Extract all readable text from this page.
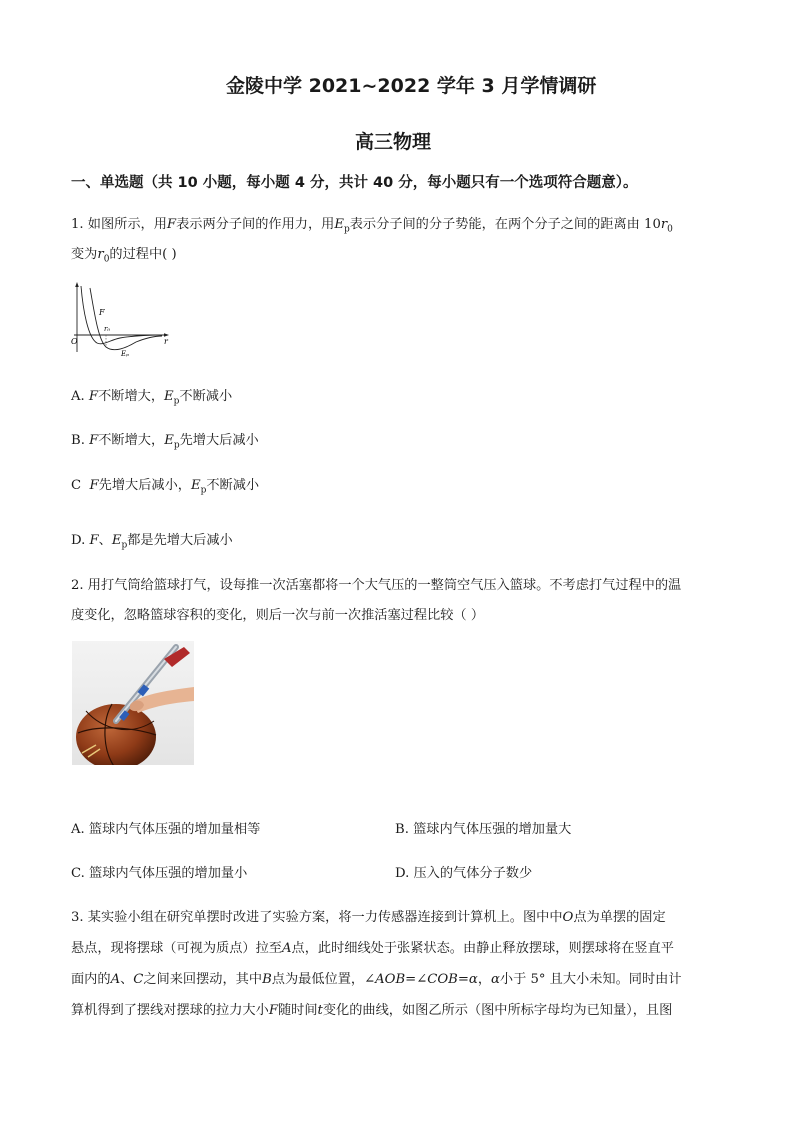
金陵中学 2021~2022 学年 3 月学情调研
高三物理
一、单选题（共 10 小题，每小题 4 分，共计 40 分，每小题只有一个选项符合题意）。
1. 如图所示，用F表示两分子间的作用力，用$E_p$表示分子间的分子势能，在两个分子之间的距离由 $10r_0$
变为$r_0$的过程中( )
O
F
r₀
r
Eₚ
A. F不断增大，$E_p$不断减小
B. F不断增大，$E_p$先增大后减小
C F先增大后减小，$E_p$不断减小
D. F、$E_p$都是先增大后减小
2. 用打气筒给篮球打气，设每推一次活塞都将一个大气压的一整筒空气压入篮球。不考虑打气过程中的温
度变化，忽略篮球容积的变化，则后一次与前一次推活塞过程比较（ ）
A. 篮球内气体压强的增加量相等	B. 篮球内气体压强的增加量大
C. 篮球内气体压强的增加量小	D. 压入的气体分子数少
3. 某实验小组在研究单摆时改进了实验方案，将一力传感器连接到计算机上。图中中O点为单摆的固定
悬点，现将摆球（可视为质点）拉至A点，此时细线处于张紧状态。由静止释放摆球，则摆球将在竖直平
面内的A、C之间来回摆动，其中B点为最低位置，∠AOB=∠COB=α，α小于 5° 且大小未知。同时由计
算机得到了摆线对摆球的拉力大小F随时间t变化的曲线，如图乙所示（图中所标字母均为已知量），且图
